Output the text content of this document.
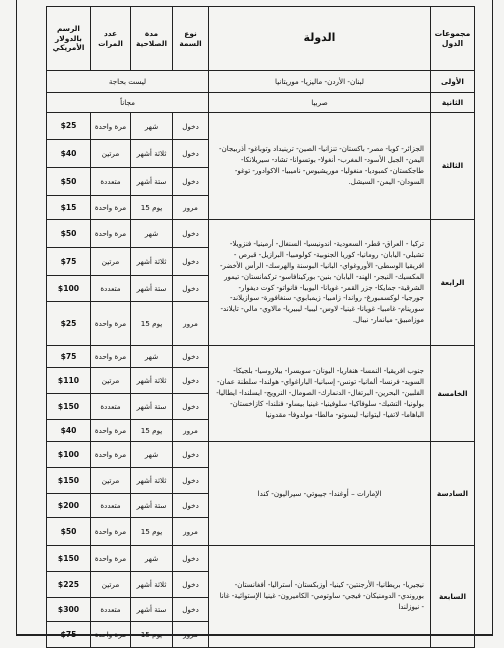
الرسم بالدولار الأمريكي	عدد المرات	مدة الصلاحية	نوع السمة	الدولة	مجموعات الدول
ليست بحاجة				لبنان- الأردن- ماليزيا- موريتانيا	الأولى
مجاناً				صربيا	الثانية
$25	مرة واحدة	شهر	دخول	الجزائر- كوبا- مصر- باكستان- تنزانيا- الصين- ترينيداد وتوباغو- أذربيجان- اليمن- الجبل الأسود- المغرب- أنغولا- بوتسوانا- تشاد- سيريلانكا- طاجكستان- كمبوديا- منغوليا- موريشيوس- ناميبيا- الاكوادور- توغو- السودان- اليمن- السيشل.	الثالثة
$40	مرتين	ثلاثة أشهر	دخول		
$50	متعددة	ستة أشهر	دخول		
$15	مرة واحدة	15 يوم	مرور		
$50	مرة واحدة	شهر	دخول	تركيا - العراق- قطر- السعودية- اندونيسيا- السنغال- أرمينيا- فنزويلا- تشيلي- اليابان- رومانيا- كوريا الجنوبية- كولومبيا- البرازيل- قبرص - افريقيا الوسطى- الأوروغواي- البانيا- البوسنة والهرسك- الرأس الأخضر- المكسيك- النيجر- الهند- اليابان- بنين- بوركينافاسو- تركمانستان- تيمور الشرقية- جمايكا- جزر القمر- غويانا- اليوبيا- فانواتو- كوت ديفوار- جورجيا- لوكسمبورغ- رواندا- زامبيا- زيمبابوي- سنغافورة- سوازيلاند- سورينام- غامبيا- غويانا- غينيا- لاوس- ليبيا- ليبيريا- مالاوي- مالي- تايلاند- موزامبيق- ميانمار- نيبال.	الرابعة
$75	مرتين	ثلاثة أشهر	دخول		
$100	متعددة	ستة أشهر	دخول		
$25	مرة واحدة	15 يوم	مرور		
$75	مرة واحدة	شهر	دخول	جنوب افريقيا- النمسا- هنغاريا- اليونان- سويسرا- بيلاروسيا- بلجيكا- السويد- فرنسا- ألمانيا- تونس- إسبانيا- الباراغواي- هولندا- سلطنة عمان- الفلبين- البحرين- البرتغال- الدنمارك- الصومال- النرويج- ايسلندا- ايطاليا- بولونيا- التشيك- سلوفاكيا- سلوفينيا- غينيا بيساو- فنلندا- كازاخستان- الباهاما- لاتفيا- ليتوانيا- ليسوتو- مالطا- مولدوفا- مقدونيا	الخامسة
$110	مرتين	ثلاثة أشهر	دخول		
$150	متعددة	ستة أشهر	دخول		
$40	مرة واحدة	15 يوم	مرور		
$100	مرة واحدة	شهر	دخول	الإمارات – أوغندا- جيبوتي- سيراليون- كندا	السادسة
$150	مرتين	ثلاثة أشهر	دخول		
$200	متعددة	ستة أشهر	دخول		
$50	مرة واحدة	15 يوم	مرور		
$150	مرة واحدة	شهر	دخول	نيجيريا- بريطانيا- الأرجنتين- كينيا- أوزبكستان- أستراليا- أفغانستان- بوروندي- الدومنيكان- فيجي- ساوتومي- الكاميرون- غينيا الإستوائية- غانا - نيوزلندا	السابعة
$225	مرتين	ثلاثة أشهر	دخول		
$300	متعددة	ستة أشهر	دخول		
$75	مرة واحدة	15 يوم	مرور		
